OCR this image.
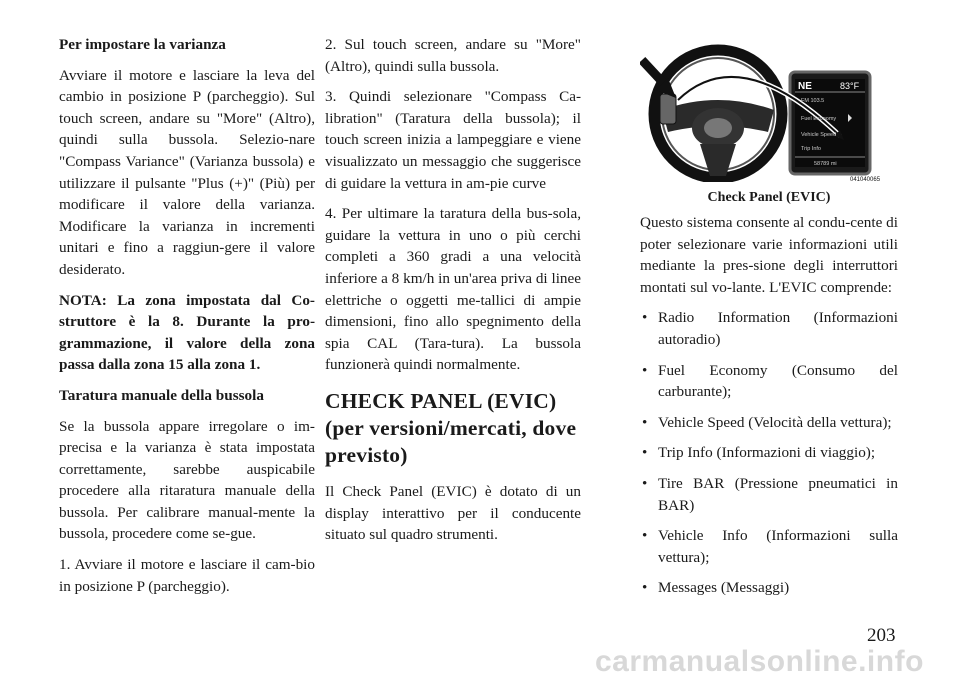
Per impostare la varianza

Avviare il motore e lasciare la leva del cambio in posizione P (parcheggio). Sul touch screen, andare su "More" (Altro), quindi sulla bussola. Selezio-nare "Compass Variance" (Varianza bussola) e utilizzare il pulsante "Plus (+)" (Più) per modificare il valore della varianza. Modificare la varianza in incrementi unitari e fino a raggiun-gere il valore desiderato.

NOTA: La zona impostata dal Co-struttore è la 8. Durante la pro-grammazione, il valore della zona passa dalla zona 15 alla zona 1.

Taratura manuale della bussola

Se la bussola appare irregolare o im-precisa e la varianza è stata impostata correttamente, sarebbe auspicabile procedere alla ritaratura manuale della bussola. Per calibrare manual-mente la bussola, procedere come se-gue.

1. Avviare il motore e lasciare il cam-bio in posizione P (parcheggio).

2. Sul touch screen, andare su "More" (Altro), quindi sulla bussola.

3. Quindi selezionare "Compass Ca-libration" (Taratura della bussola); il touch screen inizia a lampeggiare e viene visualizzato un messaggio che suggerisce di guidare la vettura in am-pie curve

4. Per ultimare la taratura della bus-sola, guidare la vettura in uno o più cerchi completi a 360 gradi a una velocità inferiore a 8 km/h in un'area priva di linee elettriche o oggetti me-tallici di ampie dimensioni, fino allo spegnimento della spia CAL (Tara-tura). La bussola funzionerà quindi normalmente.

CHECK PANEL (EVIC) (per versioni/mercati, dove previsto)

Il Check Panel (EVIC) è dotato di un display interattivo per il conducente situato sul quadro strumenti.

NE	83°F
FM 103.5
Fuel Economy
Vehicle Speed
Trip Info
58789 mi
041040065
Check Panel (EVIC)

Questo sistema consente al condu-cente di poter selezionare varie informazioni utili mediante la pres-sione degli interruttori montati sul vo-lante. L'EVIC comprende:

• Radio Information (Informazioni autoradio)
• Fuel Economy (Consumo del carburante);
• Vehicle Speed (Velocità della vettura);
• Trip Info (Informazioni di viaggio);
• Tire BAR (Pressione pneumatici in BAR)
• Vehicle Info (Informazioni sulla vettura);
• Messages (Messaggi)
203
carmanualsonline.info
